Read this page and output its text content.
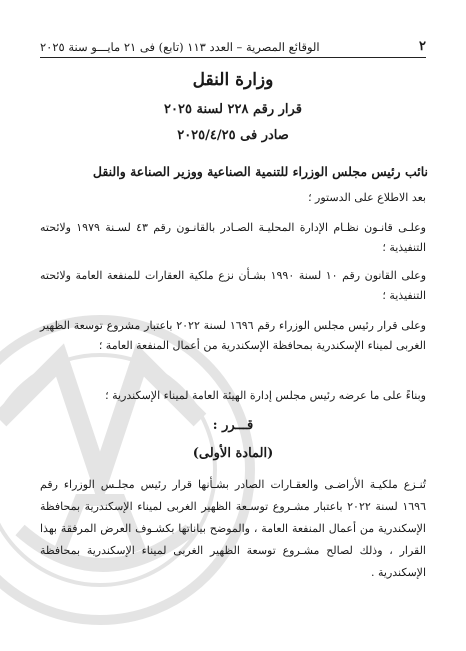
٢
الوقائع المصرية – العدد ١١٣ (تابع) فى ٢١ مايـــو سنة ٢٠٢٥
وزارة النقل
قرار رقم ٢٢٨ لسنة ٢٠٢٥
صادر فى ٢٠٢٥/٤/٢٥
نائب رئيس مجلس الوزراء للتنمية الصناعية ووزير الصناعة والنقل
بعد الاطلاع على الدستور ؛
وعلـى قانـون نظـام الإدارة المحليـة الصـادر بالقانـون رقم ٤٣ لسـنة ١٩٧٩ ولائحته التنفيذية ؛
وعلى القانون رقم ١٠ لسنة ١٩٩٠ بشـأن نزع ملكية العقارات للمنفعة العامة ولائحته التنفيذية ؛
وعلى قرار رئيس مجلس الوزراء رقم ١٦٩٦ لسنة ٢٠٢٢ باعتبار مشروع توسعة الظهير الغربى لميناء الإسكندرية بمحافظة الإسكندرية من أعمال المنفعة العامة ؛
وبناءً على ما عرضه رئيس مجلس إدارة الهيئة العامة لميناء الإسكندرية ؛
قـــرر :
(المادة الأولى)
تُنـزع ملكيـة الأراضـى والعقـارات الصادر بشـأنها قرار رئيس مجلـس الوزراء رقم ١٦٩٦ لسنة ٢٠٢٢ باعتبار مشـروع توسـعة الظهير الغربى لميناء الإسكندرية بمحافظة الإسكندرية من أعمال المنفعة العامة ، والموضح بياناتها بكشـوف العرض المرفقة بهذا القرار ، وذلك لصالح مشـروع توسعة الظهير الغربى لميناء الإسكندرية بمحافظة الإسكندرية .
